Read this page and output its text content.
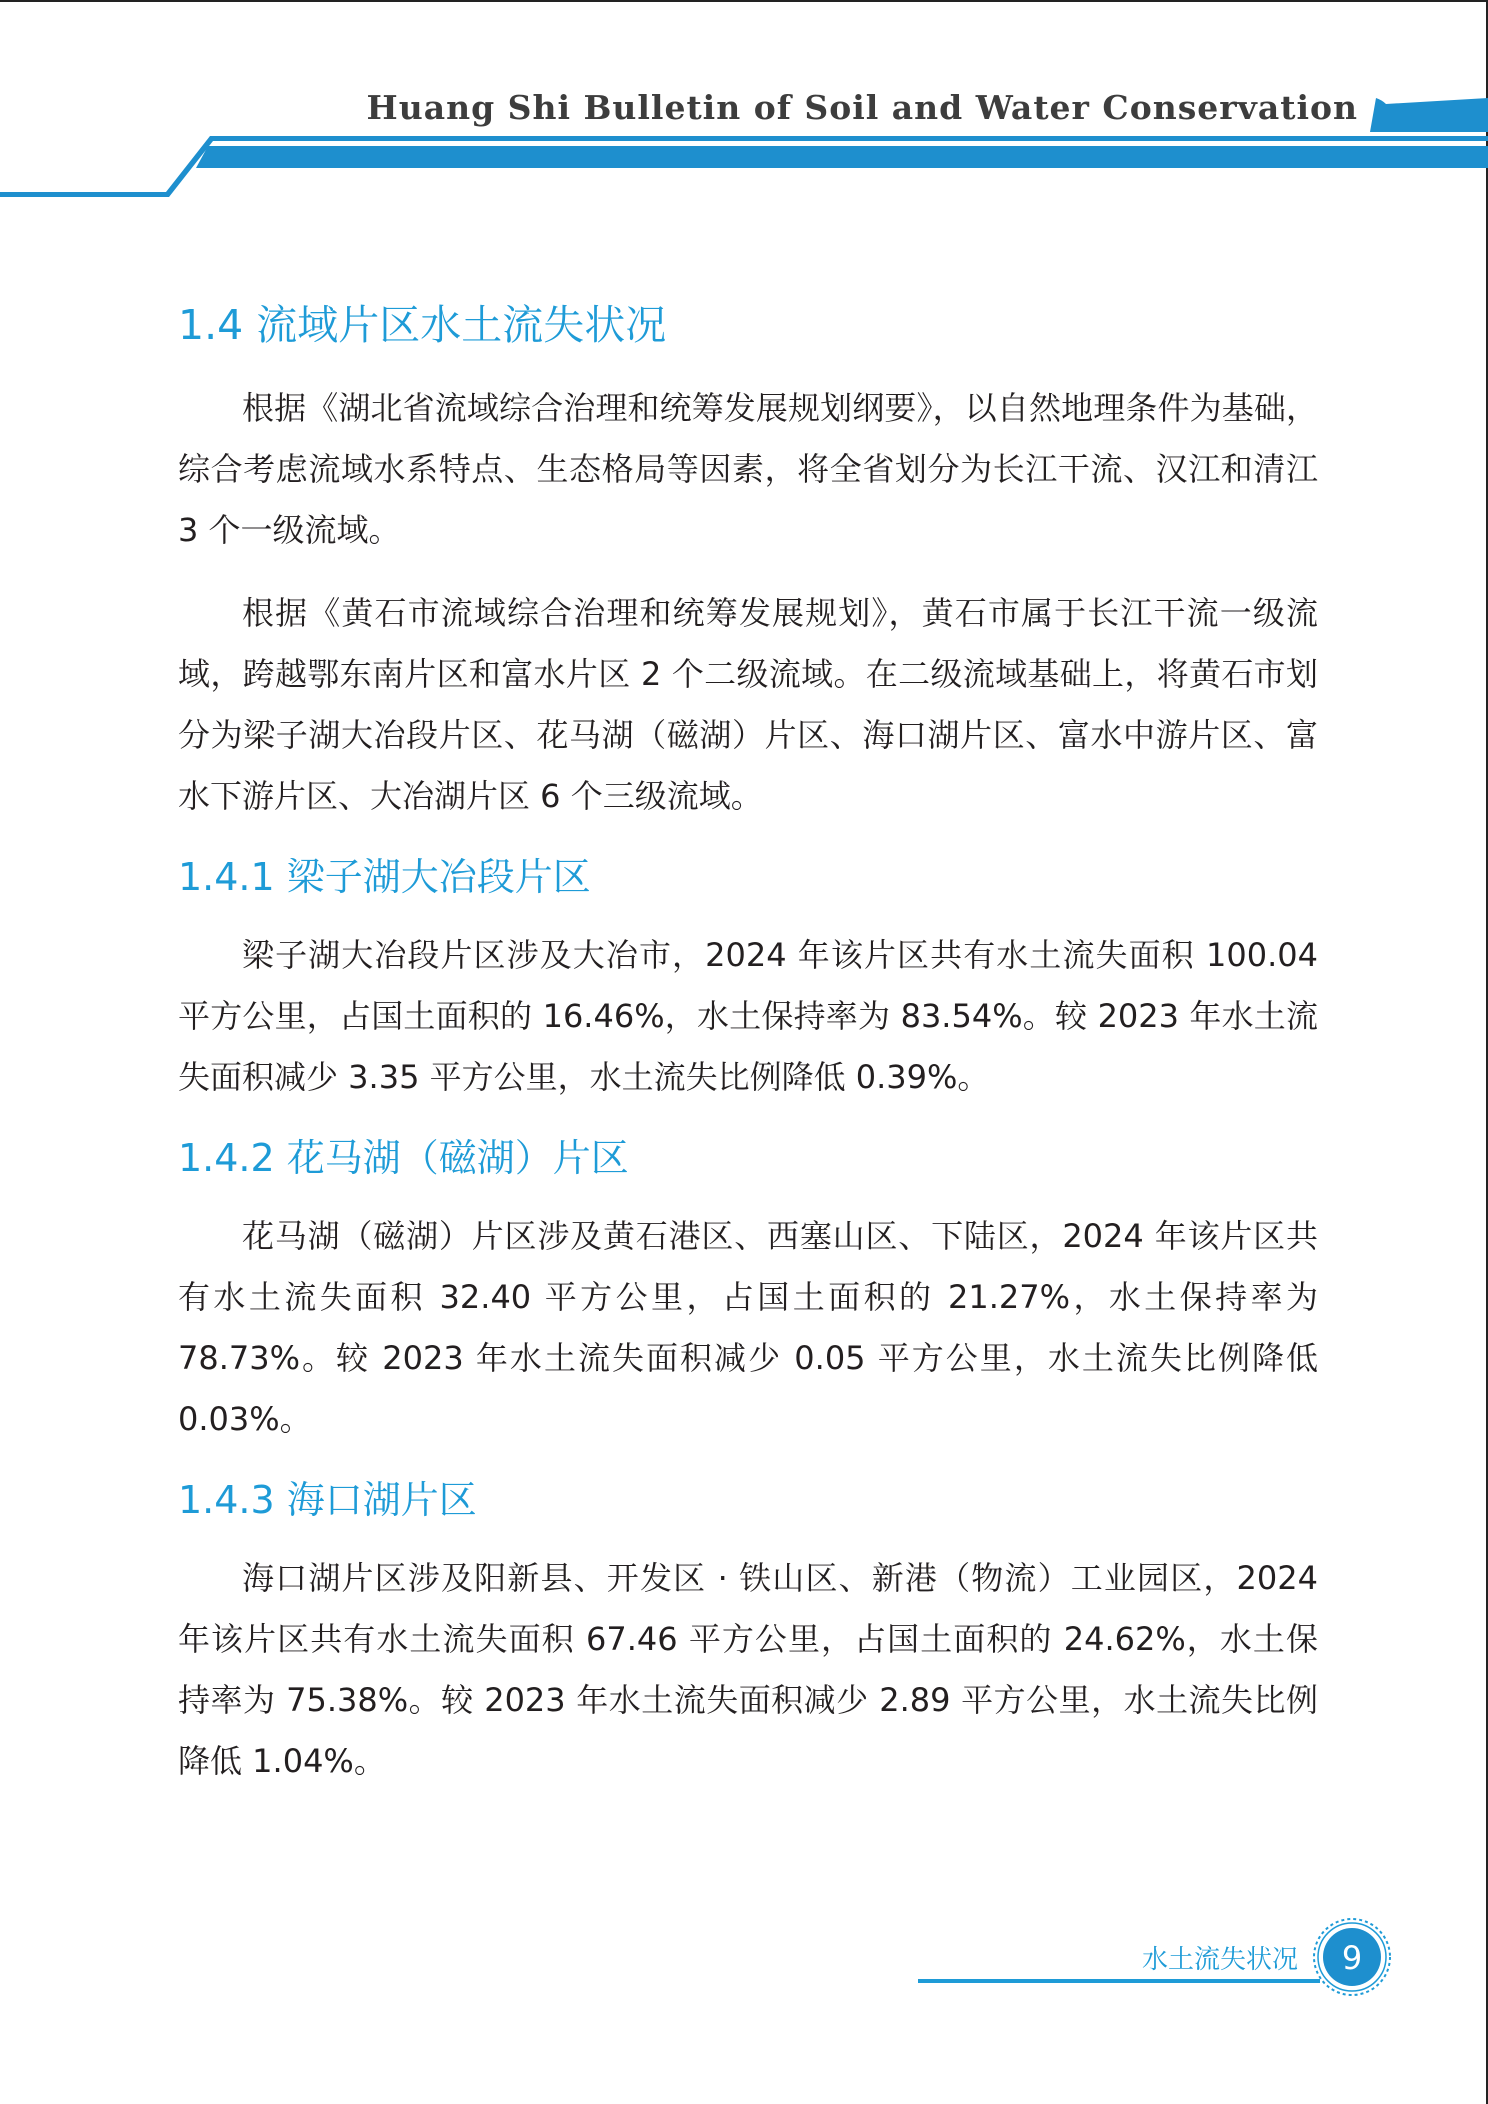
Huang Shi Bulletin of Soil and Water Conservation
1.4 流域片区水土流失状况

根据《湖北省流域综合治理和统筹发展规划纲要》，以自然地理条件为基础，综合考虑流域水系特点、生态格局等因素，将全省划分为长江干流、汉江和清江 3 个一级流域。

根据《黄石市流域综合治理和统筹发展规划》，黄石市属于长江干流一级流域，跨越鄂东南片区和富水片区 2 个二级流域。在二级流域基础上，将黄石市划分为梁子湖大冶段片区、花马湖（磁湖）片区、海口湖片区、富水中游片区、富水下游片区、大冶湖片区 6 个三级流域。

1.4.1 梁子湖大冶段片区

梁子湖大冶段片区涉及大冶市，2024 年该片区共有水土流失面积 100.04 平方公里，占国土面积的 16.46%，水土保持率为 83.54%。较 2023 年水土流失面积减少 3.35 平方公里，水土流失比例降低 0.39%。

1.4.2 花马湖（磁湖）片区

花马湖（磁湖）片区涉及黄石港区、西塞山区、下陆区，2024 年该片区共有水土流失面积 32.40 平方公里，占国土面积的 21.27%，水土保持率为 78.73%。较 2023 年水土流失面积减少 0.05 平方公里，水土流失比例降低 0.03%。

1.4.3 海口湖片区

海口湖片区涉及阳新县、开发区 · 铁山区、新港（物流）工业园区，2024 年该片区共有水土流失面积 67.46 平方公里，占国土面积的 24.62%，水土保持率为 75.38%。较 2023 年水土流失面积减少 2.89 平方公里，水土流失比例降低 1.04%。

水土流失状况	9
